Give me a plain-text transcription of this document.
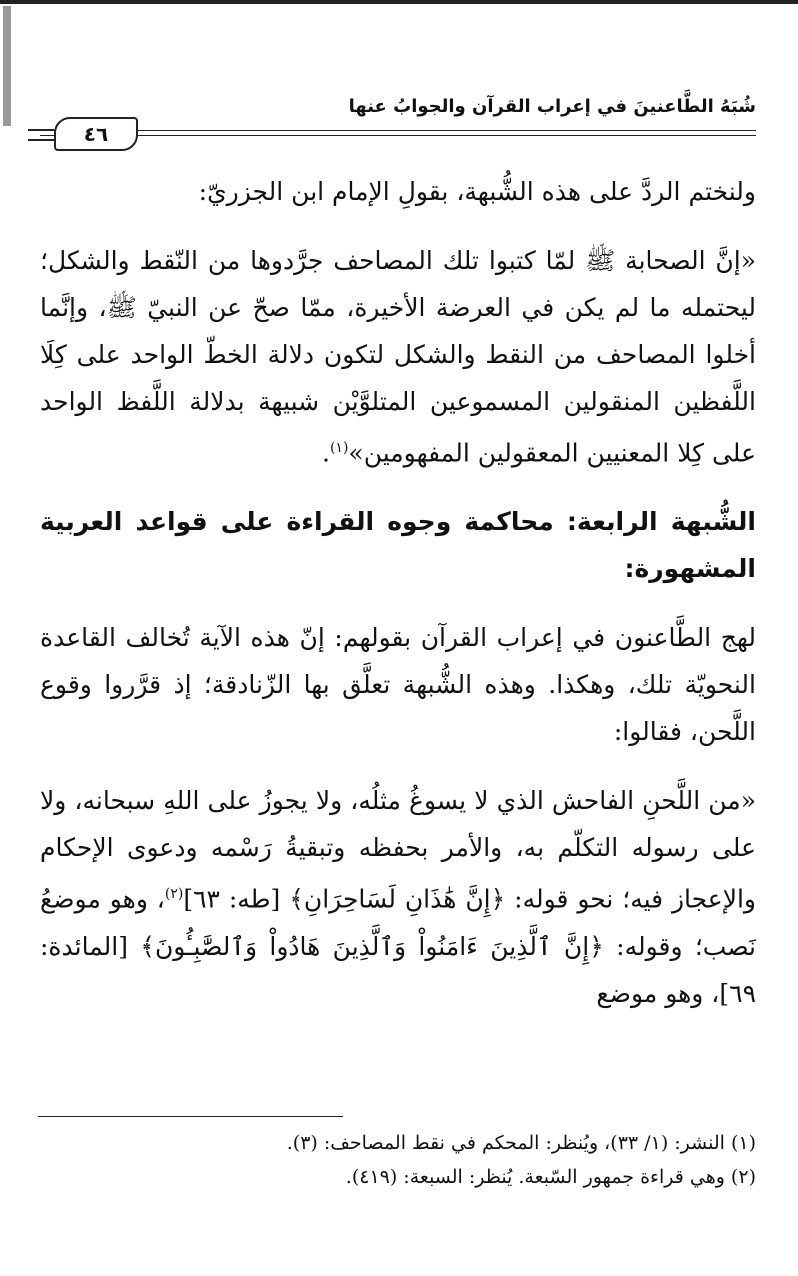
شُبَهُ الطَّاعنينَ في إعراب القرآن والجوابُ عنها
٤٦

ولنختم الردَّ على هذه الشُّبهة، بقولِ الإمام ابن الجزريّ:

«إنَّ الصحابة ﷺ لمّا كتبوا تلك المصاحف جرَّدوها من النّقط والشكل؛ ليحتمله ما لم يكن في العرضة الأخيرة، ممّا صحّ عن النبيّ ﷺ، وإنَّما أخلوا المصاحف من النقط والشكل لتكون دلالة الخطّ الواحد على كِلَا اللَّفظين المنقولين المسموعين المتلوَّيْن شبيهة بدلالة اللَّفظ الواحد على كِلا المعنيين المعقولين المفهومين»$^{(١)}$.

الشُّبهة الرابعة: محاكمة وجوه القراءة على قواعد العربية المشهورة:

لهج الطَّاعنون في إعراب القرآن بقولهم: إنّ هذه الآية تُخالف القاعدة النحويّة تلك، وهكذا. وهذه الشُّبهة تعلَّق بها الزّنادقة؛ إذ قرَّروا وقوع اللَّحن، فقالوا:

«من اللَّحنِ الفاحش الذي لا يسوغُ مثلُه، ولا يجوزُ على اللهِ سبحانه، ولا على رسوله التكلّم به، والأمر بحفظه وتبقيةُ رَسْمه ودعوى الإحكام والإعجاز فيه؛ نحو قوله: ﴿إِنَّ هَٰذَانِ لَسَاحِرَانِ﴾ [طه: ٦٣]$^{(٢)}$، وهو موضعُ نَصب؛ وقوله: ﴿إِنَّ ٱلَّذِينَ ءَامَنُواْ وَٱلَّذِينَ هَادُواْ وَٱلصَّٰبِـُٔونَ﴾ [المائدة: ٦٩]، وهو موضع

(١) النشر: (١/ ٣٣)، ويُنظر: المحكم في نقط المصاحف: (٣).
(٢) وهي قراءة جمهور السّبعة. يُنظر: السبعة: (٤١٩).
